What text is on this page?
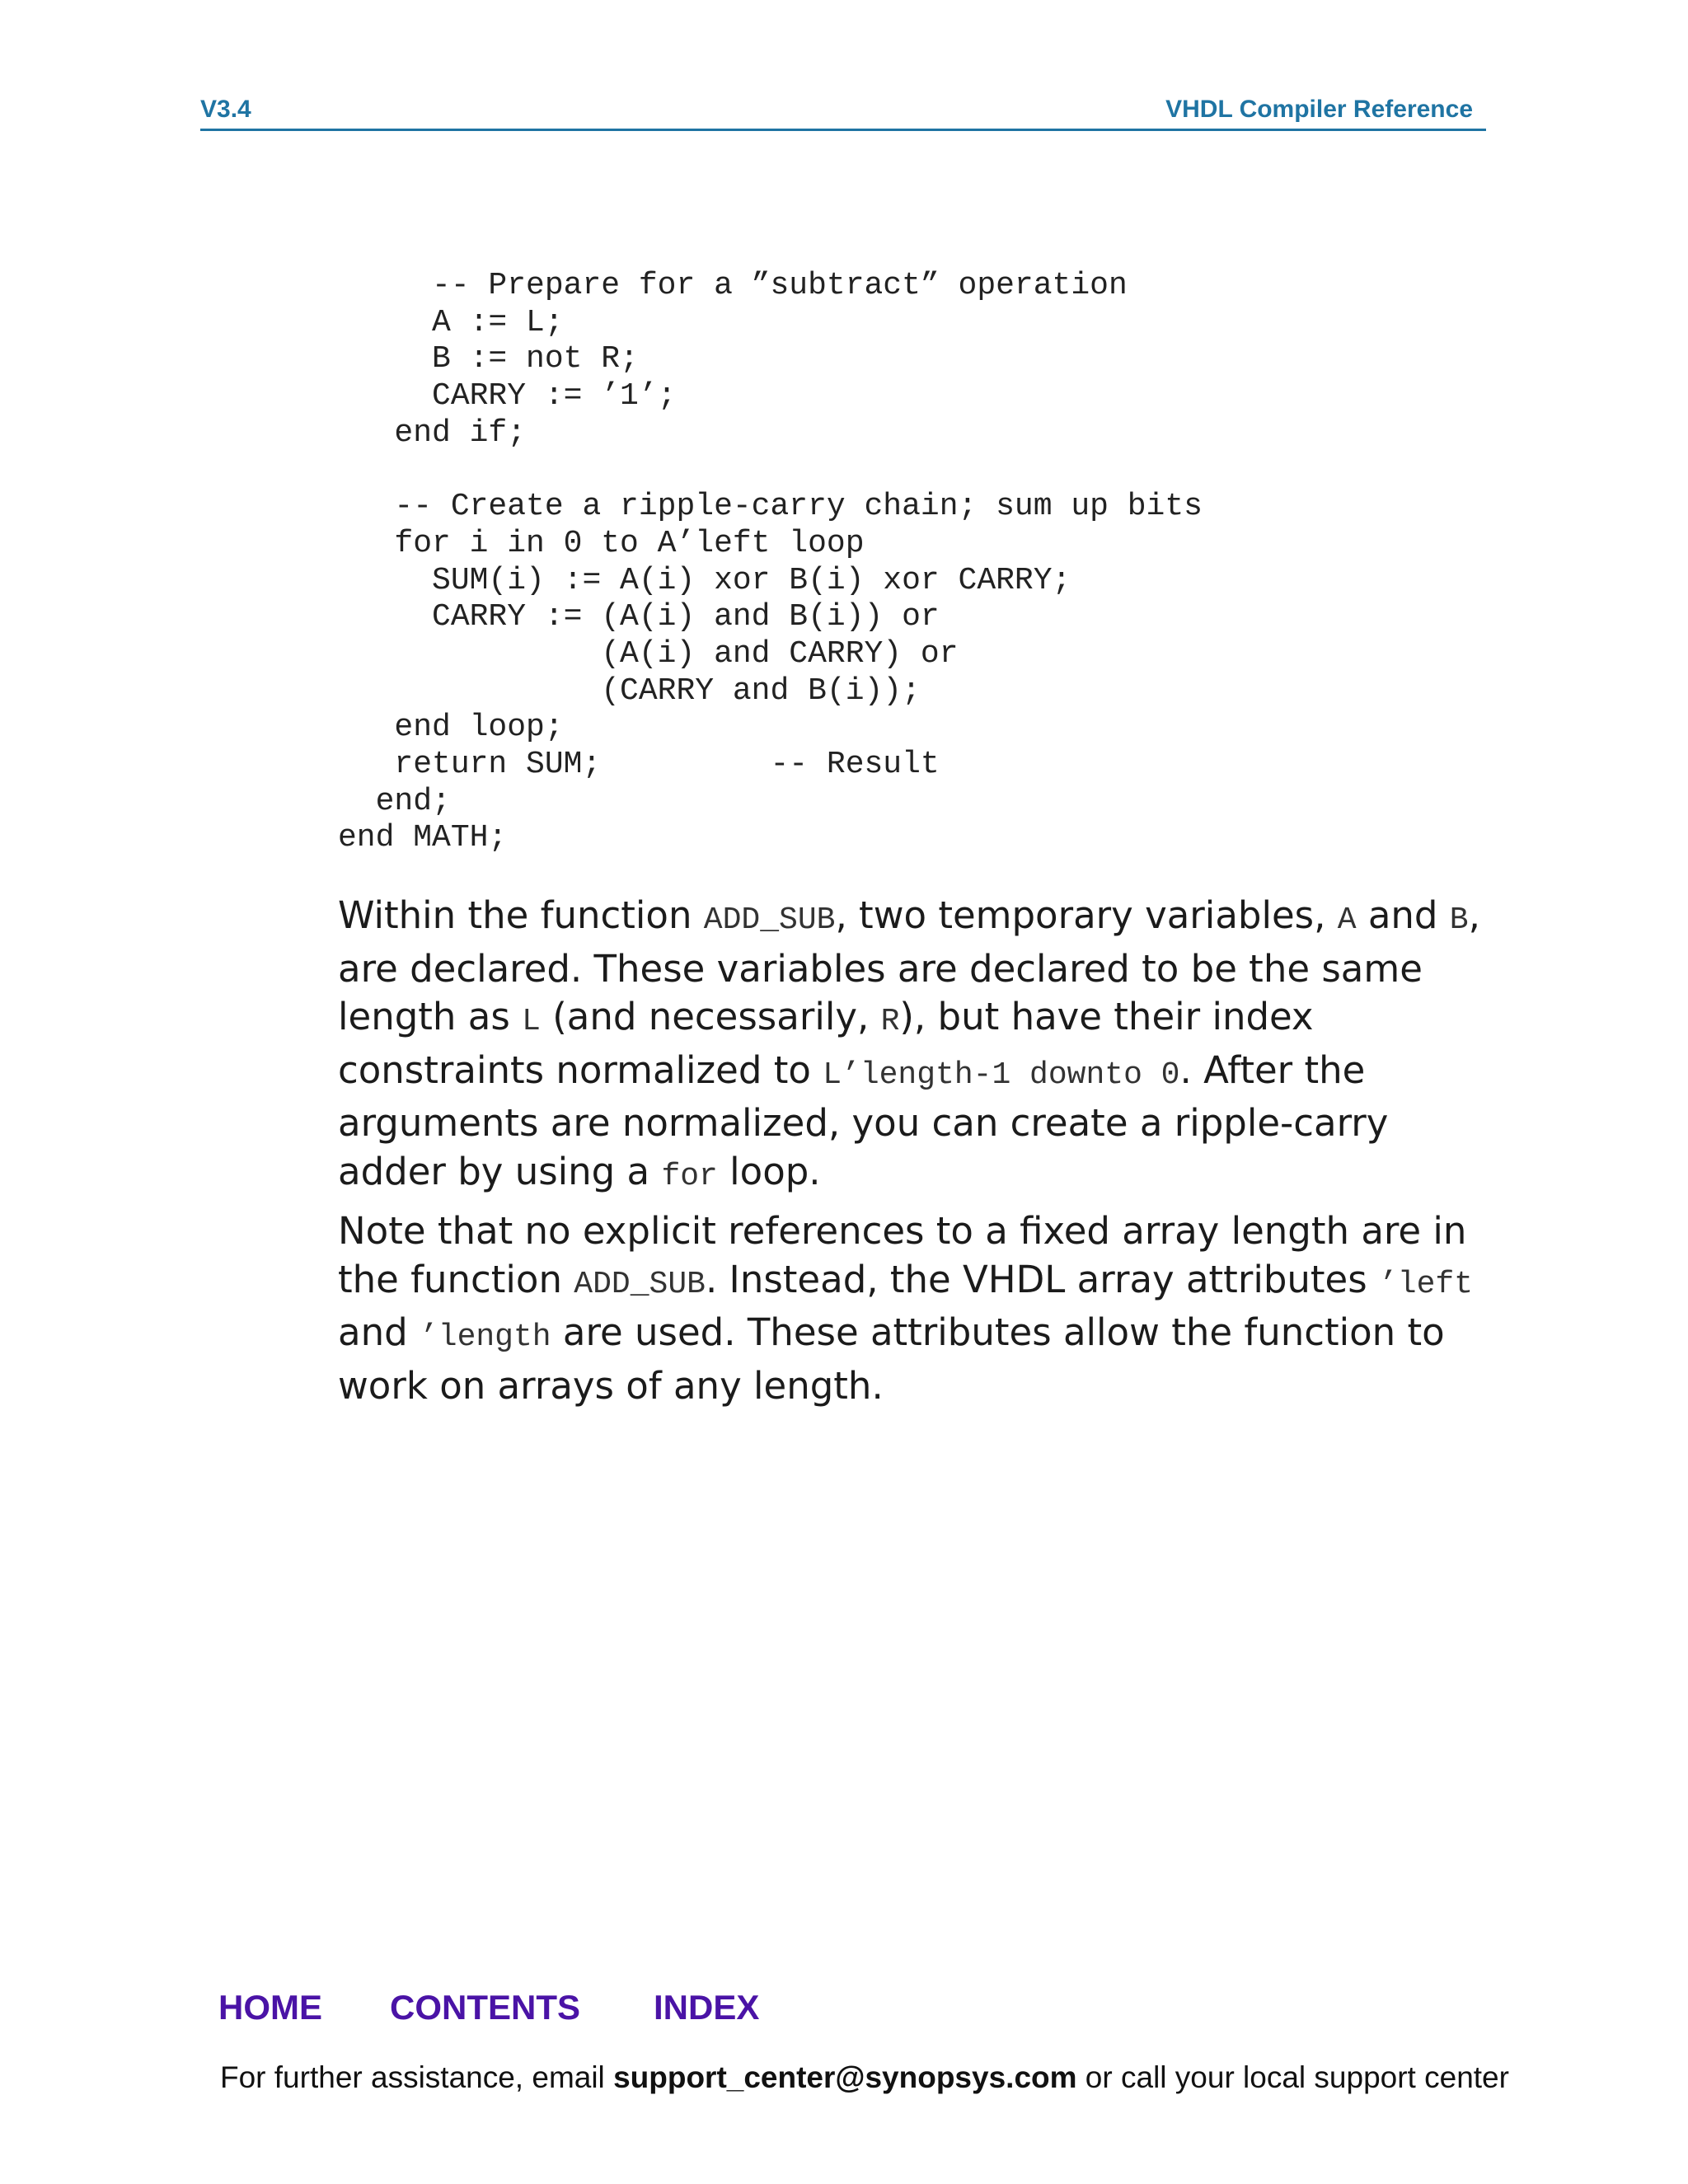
V3.4	VHDL Compiler Reference
-- Prepare for a ”subtract” operation
A := L;
B := not R;
CARRY := ’1’;
end if;
-- Create a ripple-carry chain; sum up bits
for i in 0 to A’left loop
SUM(i) := A(i) xor B(i) xor CARRY;
CARRY := (A(i) and B(i)) or
(A(i) and CARRY) or
(CARRY and B(i));
end loop;
return SUM;         -- Result
end;
end MATH;

Within the function ADD_SUB, two temporary variables, A and B, are declared. These variables are declared to be the same length as L (and necessarily, R), but have their index constraints normalized to L’length-1 downto 0. After the arguments are normalized, you can create a ripple-carry adder by using a for loop.

Note that no explicit references to a fixed array length are in the function ADD_SUB. Instead, the VHDL array attributes ’left and ’length are used. These attributes allow the function to work on arrays of any length.

HOME CONTENTS INDEX
For further assistance, email support_center@synopsys.com or call your local support center
